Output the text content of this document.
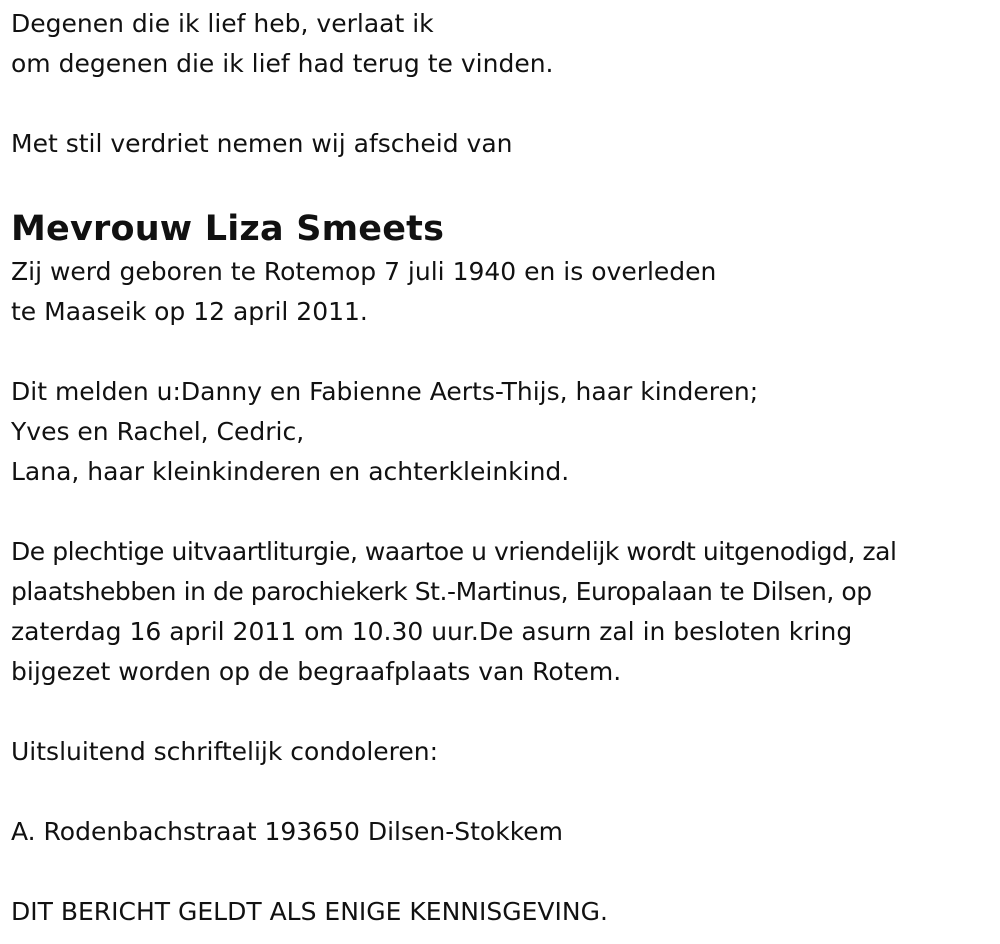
Degenen die ik lief heb, verlaat ik
om degenen die ik lief had terug te vinden.
Met stil verdriet nemen wij afscheid van
Mevrouw Liza Smeets
Zij werd geboren te Rotemop 7 juli 1940 en is overleden
te Maaseik op 12 april 2011.
Dit melden u:Danny en Fabienne Aerts-Thijs, haar kinderen;
Yves en Rachel, Cedric,
Lana, haar kleinkinderen en achterkleinkind.
De plechtige uitvaartliturgie, waartoe u vriendelijk wordt uitgenodigd, zal
plaatshebben in de parochiekerk St.-Martinus, Europalaan te Dilsen, op
zaterdag 16 april 2011 om 10.30 uur.De asurn zal in besloten kring
bijgezet worden op de begraafplaats van Rotem.
Uitsluitend schriftelijk condoleren:
A. Rodenbachstraat 193650 Dilsen-Stokkem
DIT BERICHT GELDT ALS ENIGE KENNISGEVING.
